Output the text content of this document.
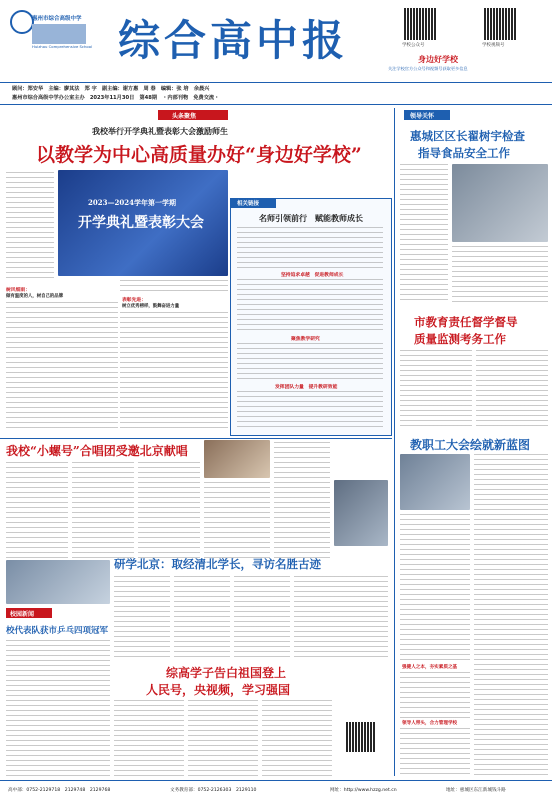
惠州市综合高级中学
Huizhou Comprehensive School 综合高中报	学校公众号	学校视频号
身边好学校
关注学校官方公众号和视频号获取更多信息
顾问：郑安华　主编：廖其法　郑 宇　副主编：谢方惠　周 春　编辑：张 培　余晨兴
惠州市综合高级中学办公室主办　2023年11月30日　第48期　・内部刊物　免费交流・
头条聚焦
我校举行开学典礼暨表彰大会激励师生
以教学为中心高质量办好“身边好学校”
2023—2024学年第一学期
开学典礼暨表彰大会
树风细雨：
做有温度的人，树自己的品牌
表彰先进：
树立优秀榜样，鼓舞奋进力量
相关链接
名师引领前行　赋能教师成长
坚持追求卓越　促进教师成长
聚焦教学研究
发挥团队力量　提升教研效能
领导关怀
惠城区区长翟树宇检查
指导食品安全工作
市教育责任督学督导
质量监测考务工作
教职工大会绘就新蓝图
强健人之本，夯实素质之基
领导人带头，合力管理学校
我校“小螺号”合唱团受邀北京献唱
研学北京：取经清北学长，寻访名胜古迹
校园新闻
校代表队获市乒乓四项冠军
综高学子告白祖国登上
人民号，央视频，学习强国
高中部：0752-2129718　2129748　2129768	文务教育部：0752-2126303　2129110	网址：http://www.hzzg.net.cn	地址：惠城区东江新城钱斗路
